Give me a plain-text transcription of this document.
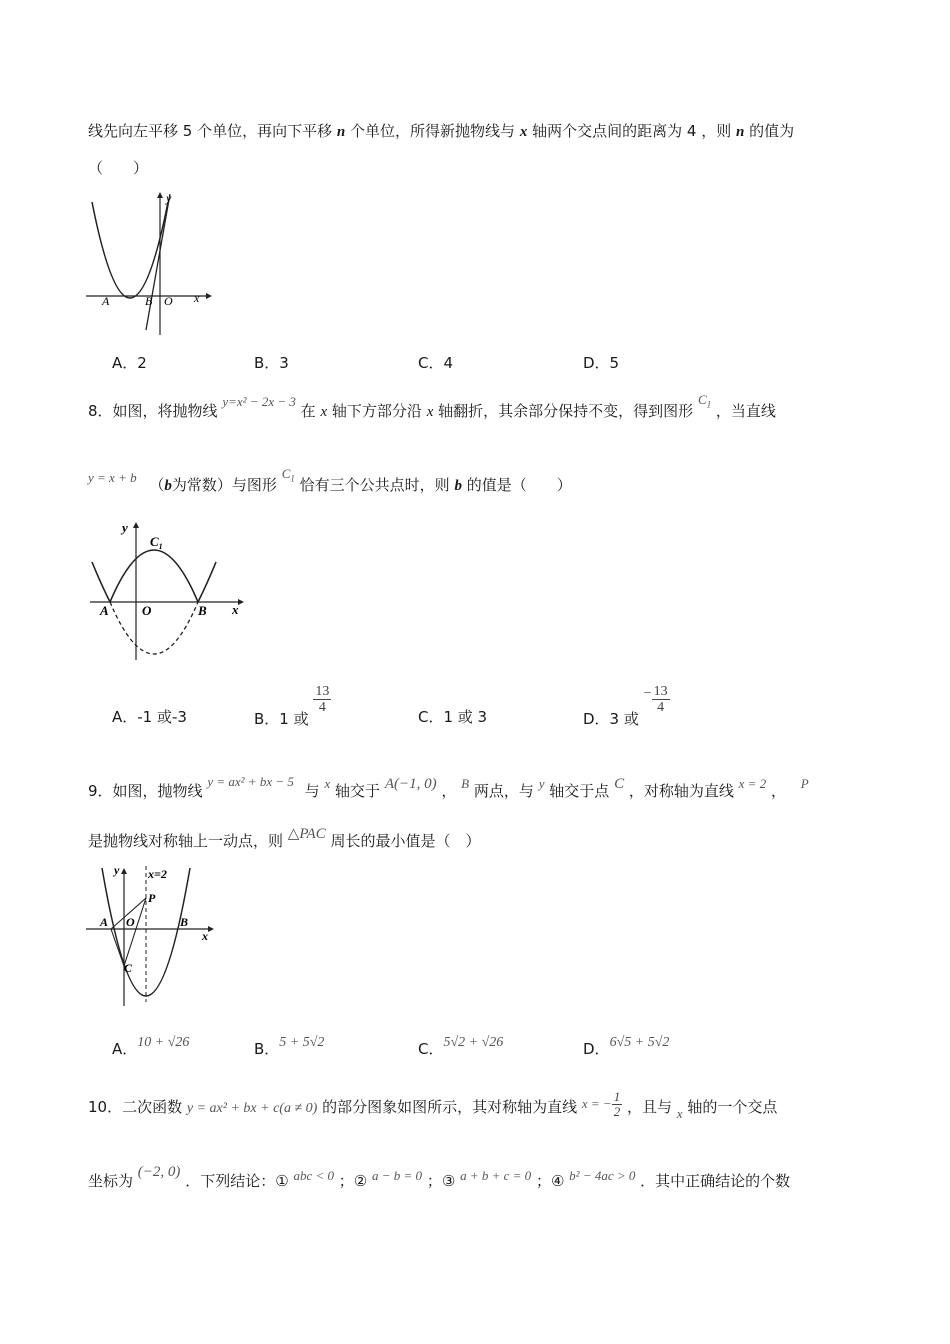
线先向左平移 5 个单位，再向下平移 n 个单位，所得新抛物线与 x 轴两个交点间的距离为 4 ，则 n 的值为
（　　）
y
x
A	B O
A．2	B．3	C．4	D．5
8．如图，将抛物线 y=x² − 2x − 3 在 x 轴下方部分沿 x 轴翻折，其余部分保持不变，得到图形 $C_1$ ，当直线
y = x + b （b为常数）与图形 $C_1$ 恰有三个公共点时，则 b 的值是（　　）
y
$C_1$
A	O	B x
A．-1 或-3	B．1 或
$\frac{13}{4}$
C．1 或 3	D．3 或 − $\frac{13}{4}$
9．如图，抛物线 y = ax² + bx − 5 与 x 轴交于 A(−1, 0) ， B 两点，与 y 轴交于点 C ，对称轴为直线 x = 2 ， P
是抛物线对称轴上一动点，则 △PAC 周长的最小值是（　）
y x=2
P
A O	B
x
C
A．10 + √26	B．5 + 5√2	C．5√2 + √26	D．6√5 + 5√2
10．二次函数 y = ax² + bx + c(a ≠ 0) 的部分图象如图所示，其对称轴为直线 x = − $\frac{1}{2}$ ，且与 x 轴的一个交点
坐标为 (−2, 0) ．下列结论：① abc < 0 ；② a − b = 0 ；③ a + b + c = 0 ；④ b² − 4ac > 0 ．其中正确结论的个数
